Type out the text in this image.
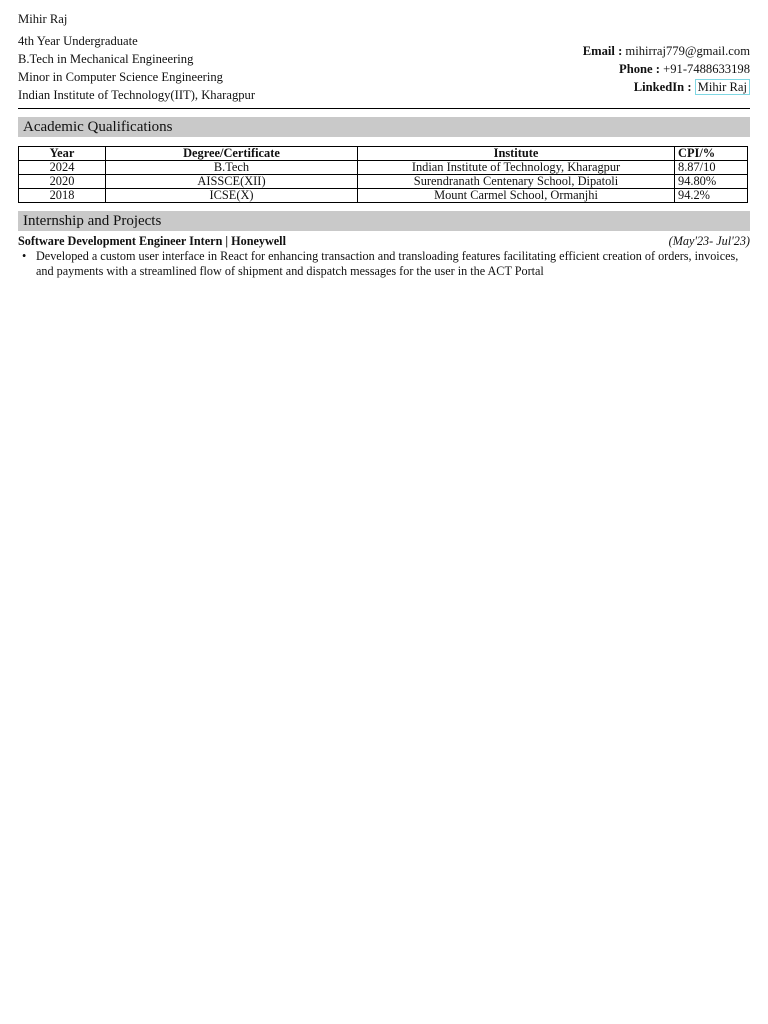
Mihir Raj
4th Year Undergraduate
B.Tech in Mechanical Engineering
Minor in Computer Science Engineering
Indian Institute of Technology(IIT), Kharagpur
Email : mihirraj779@gmail.com
Phone : +91-7488633198
LinkedIn : Mihir Raj
Academic Qualifications
Year	Degree/Certificate	Institute	CPI/%
2024	B.Tech	Indian Institute of Technology, Kharagpur	8.87/10
2020	AISSCE(XII)	Surendranath Centenary School, Dipatoli	94.80%
2018	ICSE(X)	Mount Carmel School, Ormanjhi	94.2%
Internship and Projects
Software Development Engineer Intern | Honeywell	(May'23- Jul'23)
• Developed a custom user interface in React for enhancing transaction and transloading features facilitating efficient creation of orders, invoices, and payments with a streamlined flow of shipment and dispatch messages for the user in the ACT Portal
